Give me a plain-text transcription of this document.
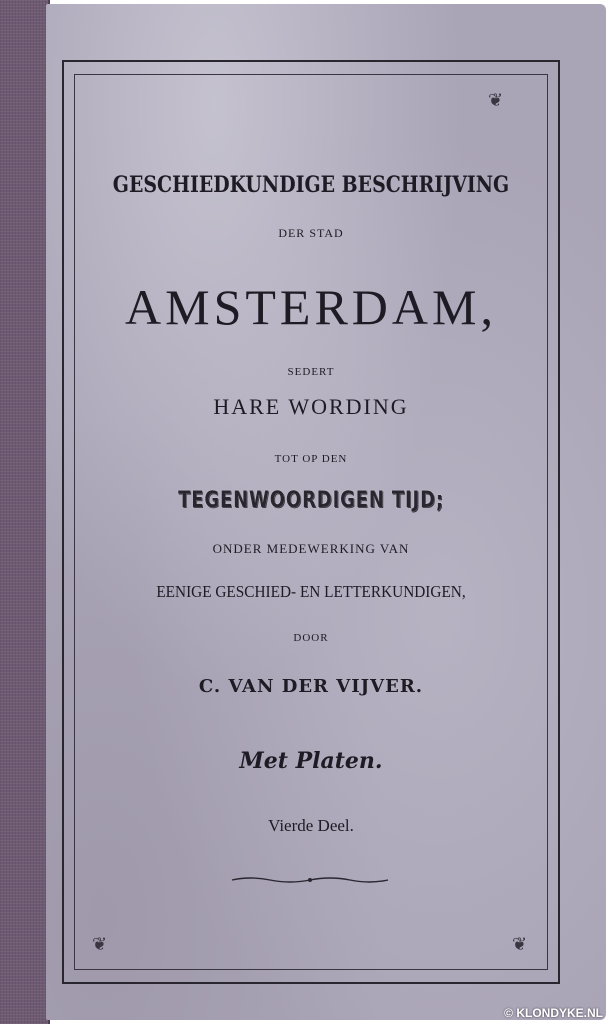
❦
❦	❦
GESCHIEDKUNDIGE BESCHRIJVING
DER STAD
AMSTERDAM,
SEDERT
HARE WORDING
TOT OP DEN
TEGENWOORDIGEN TIJD;
ONDER MEDEWERKING VAN
EENIGE GESCHIED- EN LETTERKUNDIGEN,
DOOR
C. VAN DER VIJVER.
Met Platen.
Vierde Deel.
© KLONDYKE.NL
